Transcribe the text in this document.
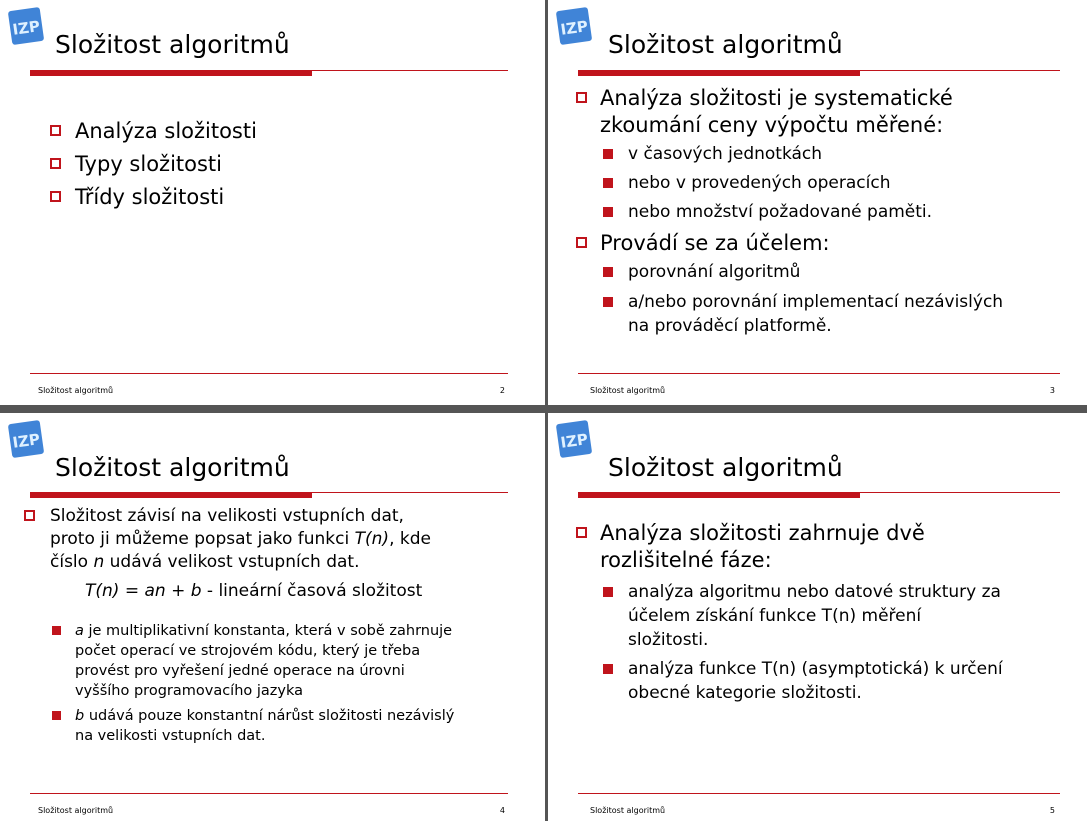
IZP
Složitost algoritmů
Analýza složitosti
Typy složitosti
Třídy složitosti
Složitost algoritmů	2
IZP
Složitost algoritmů
Analýza složitosti je systematické
zkoumání ceny výpočtu měřené:
v časových jednotkách
nebo v provedených operacích
nebo množství požadované paměti.
Provádí se za účelem:
porovnání algoritmů
a/nebo porovnání implementací nezávislých
na prováděcí platformě.
Složitost algoritmů	3
IZP
Složitost algoritmů
Složitost závisí na velikosti vstupních dat,
proto ji můžeme popsat jako funkci T(n), kde
číslo n udává velikost vstupních dat.
T(n) = an + b - lineární časová složitost
a je multiplikativní konstanta, která v sobě zahrnuje
počet operací ve strojovém kódu, který je třeba
provést pro vyřešení jedné operace na úrovni
vyššího programovacího jazyka
b udává pouze konstantní nárůst složitosti nezávislý
na velikosti vstupních dat.
Složitost algoritmů	4
IZP
Složitost algoritmů
Analýza složitosti zahrnuje dvě
rozlišitelné fáze:
analýza algoritmu nebo datové struktury za
účelem získání funkce T(n) měření
složitosti.
analýza funkce T(n) (asymptotická) k určení
obecné kategorie složitosti.
Složitost algoritmů	5
